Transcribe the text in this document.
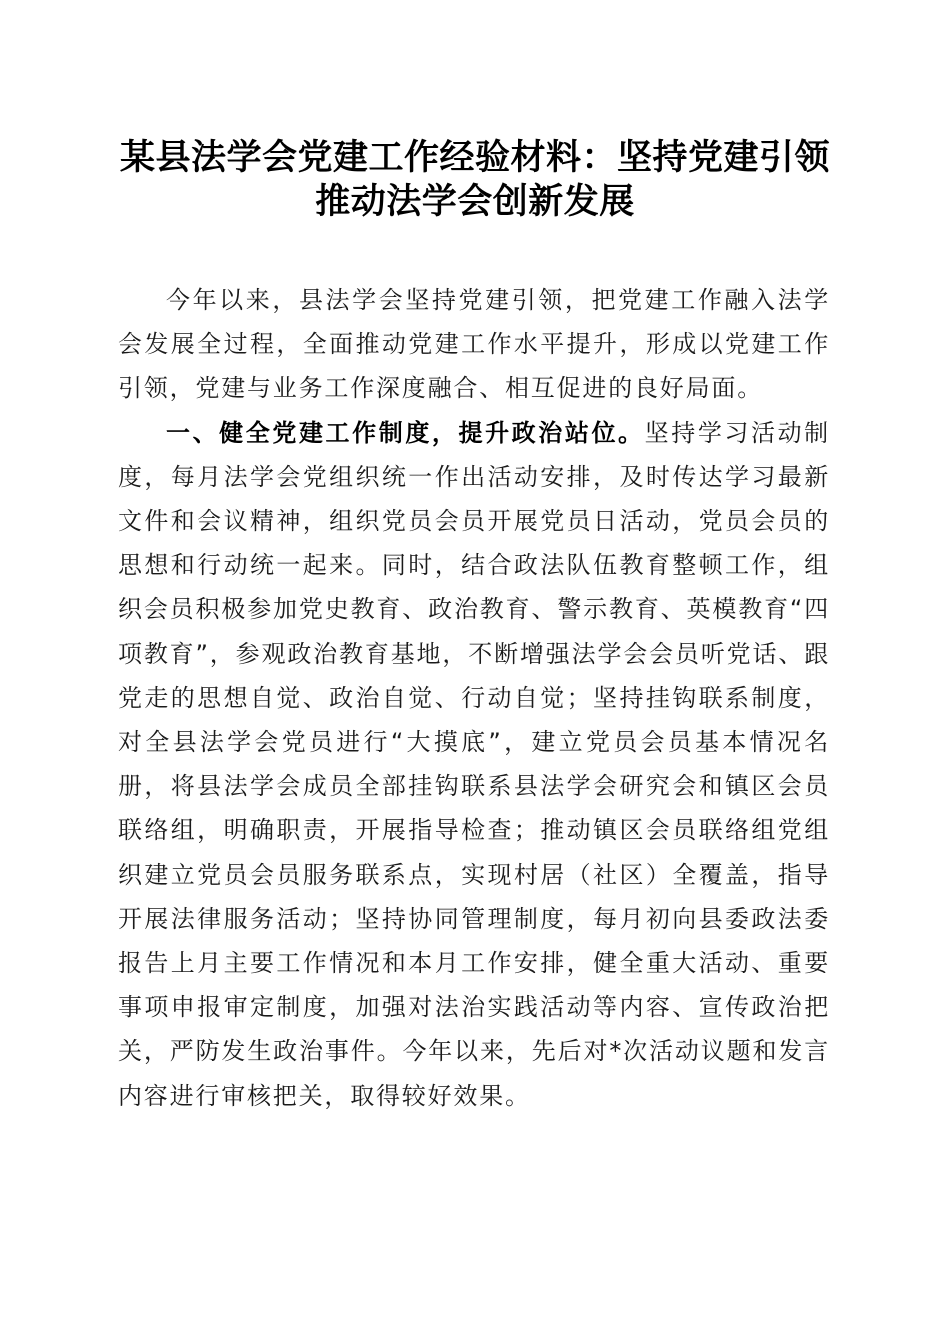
某县法学会党建工作经验材料：坚持党建引领
推动法学会创新发展

今年以来，县法学会坚持党建引领，把党建工作融入法学会发展全过程，全面推动党建工作水平提升，形成以党建工作引领，党建与业务工作深度融合、相互促进的良好局面。

一、健全党建工作制度，提升政治站位。坚持学习活动制度，每月法学会党组织统一作出活动安排，及时传达学习最新文件和会议精神，组织党员会员开展党员日活动，党员会员的思想和行动统一起来。同时，结合政法队伍教育整顿工作，组织会员积极参加党史教育、政治教育、警示教育、英模教育“四项教育”，参观政治教育基地，不断增强法学会会员听党话、跟党走的思想自觉、政治自觉、行动自觉；坚持挂钩联系制度，对全县法学会党员进行“大摸底”，建立党员会员基本情况名册，将县法学会成员全部挂钩联系县法学会研究会和镇区会员联络组，明确职责，开展指导检查；推动镇区会员联络组党组织建立党员会员服务联系点，实现村居（社区）全覆盖，指导开展法律服务活动；坚持协同管理制度，每月初向县委政法委报告上月主要工作情况和本月工作安排，健全重大活动、重要事项申报审定制度，加强对法治实践活动等内容、宣传政治把关，严防发生政治事件。今年以来，先后对*次活动议题和发言内容进行审核把关，取得较好效果。
